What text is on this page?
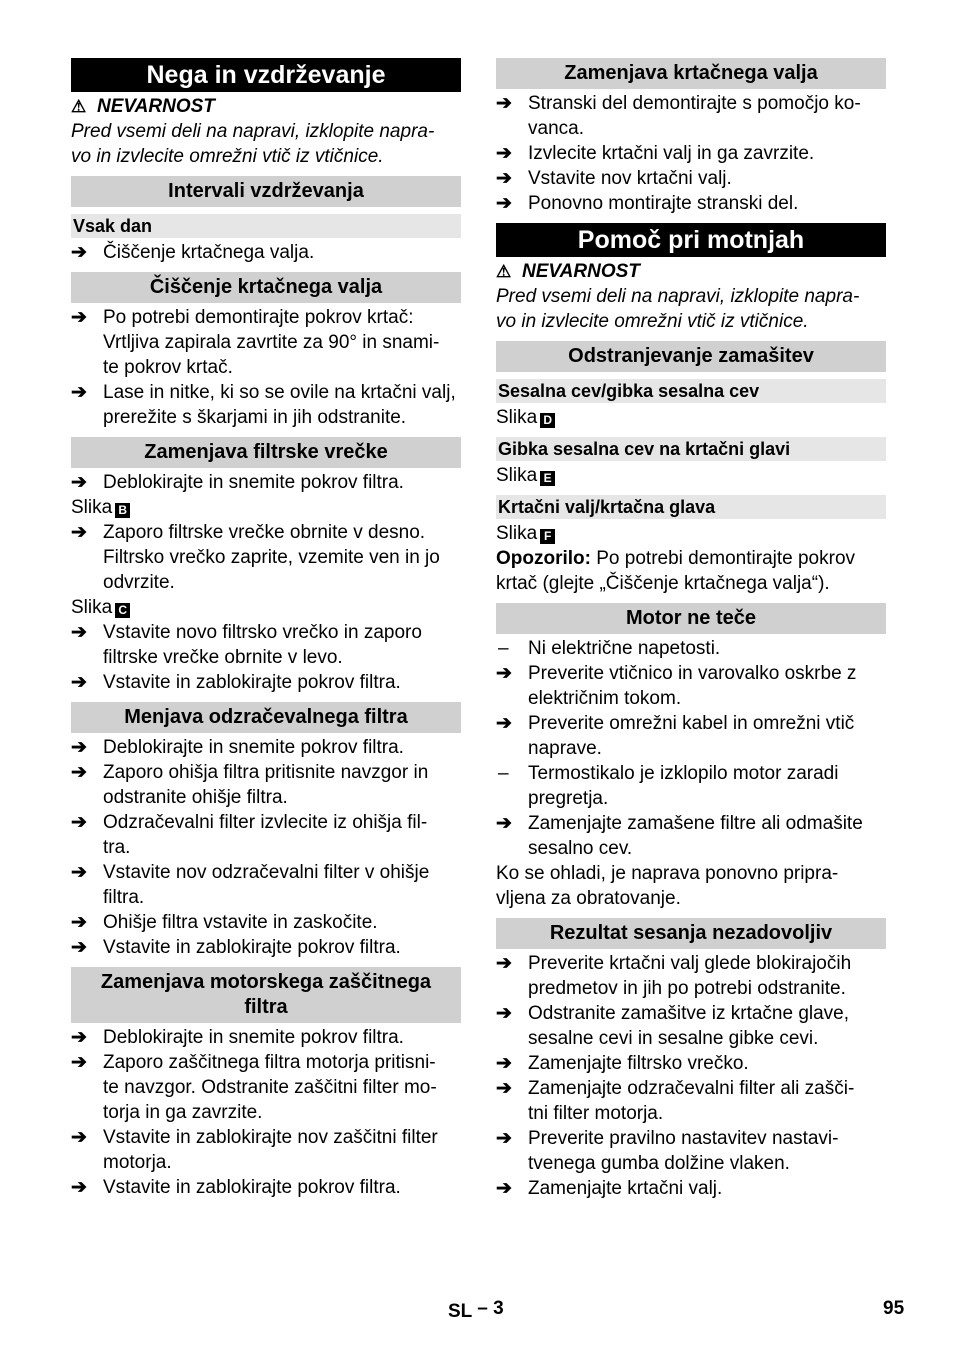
Nega in vzdrževanje
⚠ NEVARNOST
Pred vsemi deli na napravi, izklopite napra-
vo in izvlecite omrežni vtič iz vtičnice.
Intervali vzdrževanja
Vsak dan
➔ Čiščenje krtačnega valja.
Čiščenje krtačnega valja
➔ Po potrebi demontirajte pokrov krtač:
Vrtljiva zapirala zavrtite za 90° in snami-
te pokrov krtač.
➔ Lase in nitke, ki so se ovile na krtačni valj,
prerežite s škarjami in jih odstranite.
Zamenjava filtrske vrečke
➔ Deblokirajte in snemite pokrov filtra.
Slika B
➔ Zaporo filtrske vrečke obrnite v desno.
Filtrsko vrečko zaprite, vzemite ven in jo
odvrzite.
Slika C
➔ Vstavite novo filtrsko vrečko in zaporo
filtrske vrečke obrnite v levo.
➔ Vstavite in zablokirajte pokrov filtra.
Menjava odzračevalnega filtra
➔ Deblokirajte in snemite pokrov filtra.
➔ Zaporo ohišja filtra pritisnite navzgor in
odstranite ohišje filtra.
➔ Odzračevalni filter izvlecite iz ohišja fil-
tra.
➔ Vstavite nov odzračevalni filter v ohišje
filtra.
➔ Ohišje filtra vstavite in zaskočite.
➔ Vstavite in zablokirajte pokrov filtra.
Zamenjava motorskega zaščitnega
filtra
➔ Deblokirajte in snemite pokrov filtra.
➔ Zaporo zaščitnega filtra motorja pritisni-
te navzgor. Odstranite zaščitni filter mo-
torja in ga zavrzite.
➔ Vstavite in zablokirajte nov zaščitni filter
motorja.
➔ Vstavite in zablokirajte pokrov filtra.
Zamenjava krtačnega valja
➔ Stranski del demontirajte s pomočjo ko-
vanca.
➔ Izvlecite krtačni valj in ga zavrzite.
➔ Vstavite nov krtačni valj.
➔ Ponovno montirajte stranski del.
Pomoč pri motnjah
⚠ NEVARNOST
Pred vsemi deli na napravi, izklopite napra-
vo in izvlecite omrežni vtič iz vtičnice.
Odstranjevanje zamašitev
Sesalna cev/gibka sesalna cev
Slika D
Gibka sesalna cev na krtačni glavi
Slika E
Krtačni valj/krtačna glava
Slika F
Opozorilo: Po potrebi demontirajte pokrov
krtač (glejte „Čiščenje krtačnega valja“).
Motor ne teče
–	Ni električne napetosti.
➔ Preverite vtičnico in varovalko oskrbe z
električnim tokom.
➔ Preverite omrežni kabel in omrežni vtič
naprave.
–	Termostikalo je izklopilo motor zaradi
pregretja.
➔ Zamenjajte zamašene filtre ali odmašite
sesalno cev.
Ko se ohladi, je naprava ponovno pripra-
vljena za obratovanje.
Rezultat sesanja nezadovoljiv
➔ Preverite krtačni valj glede blokirajočih
predmetov in jih po potrebi odstranite.
➔ Odstranite zamašitve iz krtačne glave,
sesalne cevi in sesalne gibke cevi.
➔ Zamenjajte filtrsko vrečko.
➔ Zamenjajte odzračevalni filter ali zašči-
tni filter motorja.
➔ Preverite pravilno nastavitev nastavi-
tvenega gumba dolžine vlaken.
➔ Zamenjajte krtačni valj.
SL – 3	95
